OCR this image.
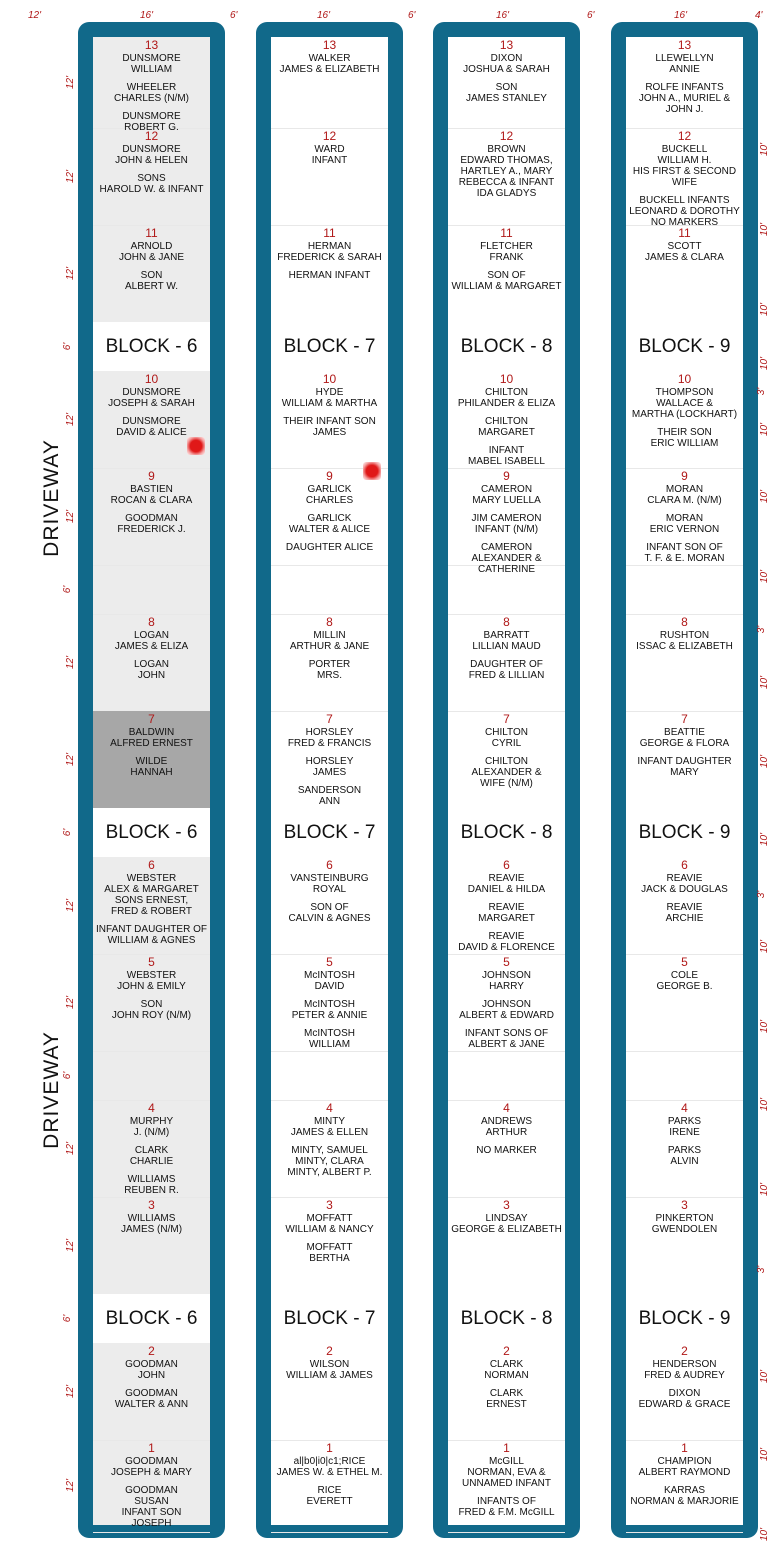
12'	16'	6'	16'	6'	16'	6'	16'	4'
13
DUNSMORE
WILLIAM
WHEELER
CHARLES (N/M)
DUNSMORE
ROBERT G.
12
DUNSMORE
JOHN & HELEN
SONS
HAROLD W. & INFANT
11
ARNOLD
JOHN & JANE
SON
ALBERT W.
BLOCK - 6
10
DUNSMORE
JOSEPH & SARAH
DUNSMORE
DAVID & ALICE
9
BASTIEN
ROCAN & CLARA
GOODMAN
FREDERICK J.
8
LOGAN
JAMES & ELIZA
LOGAN
JOHN
7
BALDWIN
ALFRED ERNEST
WILDE
HANNAH
BLOCK - 6
6
WEBSTER
ALEX & MARGARET
SONS ERNEST,
FRED & ROBERT
INFANT DAUGHTER OF
WILLIAM & AGNES
5
WEBSTER
JOHN & EMILY
SON
JOHN ROY (N/M)
4
MURPHY
J. (N/M)
CLARK
CHARLIE
WILLIAMS
REUBEN R.
3
WILLIAMS
JAMES (N/M)
BLOCK - 6
2
GOODMAN
JOHN
GOODMAN
WALTER & ANN
1
GOODMAN
JOSEPH & MARY
GOODMAN
SUSAN
INFANT SON
JOSEPH
13
WALKER
JAMES & ELIZABETH
12
WARD
INFANT
11
HERMAN
FREDERICK & SARAH
HERMAN INFANT
BLOCK - 7
10
HYDE
WILLIAM & MARTHA
THEIR INFANT SON
JAMES
9
GARLICK
CHARLES
GARLICK
WALTER & ALICE
DAUGHTER ALICE
8
MILLIN
ARTHUR & JANE
PORTER
MRS.
7
HORSLEY
FRED & FRANCIS
HORSLEY
JAMES
SANDERSON
ANN
BLOCK - 7
6
VANSTEINBURG
ROYAL
SON OF
CALVIN & AGNES
5
McINTOSH
DAVID
McINTOSH
PETER & ANNIE
McINTOSH
WILLIAM
4
MINTY
JAMES & ELLEN
MINTY, SAMUEL
MINTY, CLARA
MINTY, ALBERT P.
3
MOFFATT
WILLIAM & NANCY
MOFFATT
BERTHA
BLOCK - 7
2
WILSON
WILLIAM & JAMES
1
al|b0|i0|c1;RICE
JAMES W. & ETHEL M.
RICE
EVERETT
13
DIXON
JOSHUA & SARAH
SON
JAMES STANLEY
12
BROWN
EDWARD THOMAS,
HARTLEY A., MARY
REBECCA & INFANT
IDA GLADYS
11
FLETCHER
FRANK
SON OF
WILLIAM & MARGARET
BLOCK - 8
10
CHILTON
PHILANDER & ELIZA
CHILTON
MARGARET
INFANT
MABEL ISABELL
9
CAMERON
MARY LUELLA
JIM CAMERON
INFANT (N/M)
CAMERON
ALEXANDER & CATHERINE
8
BARRATT
LILLIAN MAUD
DAUGHTER OF
FRED & LILLIAN
7
CHILTON
CYRIL
CHILTON
ALEXANDER &
WIFE (N/M)
BLOCK - 8
6
REAVIE
DANIEL & HILDA
REAVIE
MARGARET
REAVIE
DAVID & FLORENCE
5
JOHNSON
HARRY
JOHNSON
ALBERT & EDWARD
INFANT SONS OF
ALBERT & JANE
4
ANDREWS
ARTHUR
NO MARKER
3
LINDSAY
GEORGE & ELIZABETH
BLOCK - 8
2
CLARK
NORMAN
CLARK
ERNEST
1
McGILL
NORMAN, EVA &
UNNAMED INFANT
INFANTS OF
FRED & F.M. McGILL
13
LLEWELLYN
ANNIE
ROLFE INFANTS
JOHN A., MURIEL &
JOHN J.
12
BUCKELL
WILLIAM H.
HIS FIRST & SECOND WIFE
BUCKELL INFANTS
LEONARD & DOROTHY
NO MARKERS
11
SCOTT
JAMES & CLARA
BLOCK - 9
10
THOMPSON
WALLACE &
MARTHA (LOCKHART)
THEIR SON
ERIC WILLIAM
9
MORAN
CLARA M. (N/M)
MORAN
ERIC VERNON
INFANT SON OF
T. F. & E. MORAN
8
RUSHTON
ISSAC & ELIZABETH
7
BEATTIE
GEORGE & FLORA
INFANT DAUGHTER
MARY
BLOCK - 9
6
REAVIE
JACK & DOUGLAS
REAVIE
ARCHIE
5
COLE
GEORGE B.
4
PARKS
IRENE
PARKS
ALVIN
3
PINKERTON
GWENDOLEN
BLOCK - 9
2
HENDERSON
FRED & AUDREY
DIXON
EDWARD & GRACE
1
CHAMPION
ALBERT RAYMOND
KARRAS
NORMAN & MARJORIE
12'
12'
12'
6'
12'
12'
6'
12'
12'
6'
12'
12'
6'
12'
12'
6'
12'
12'
10'
10'
10'
10'
3'
10'
10'
10'
3'
10'
10'
10'
3'
10'
10'
10'
10'
3'
10'
10'
10'
DRIVEWAY
DRIVEWAY
